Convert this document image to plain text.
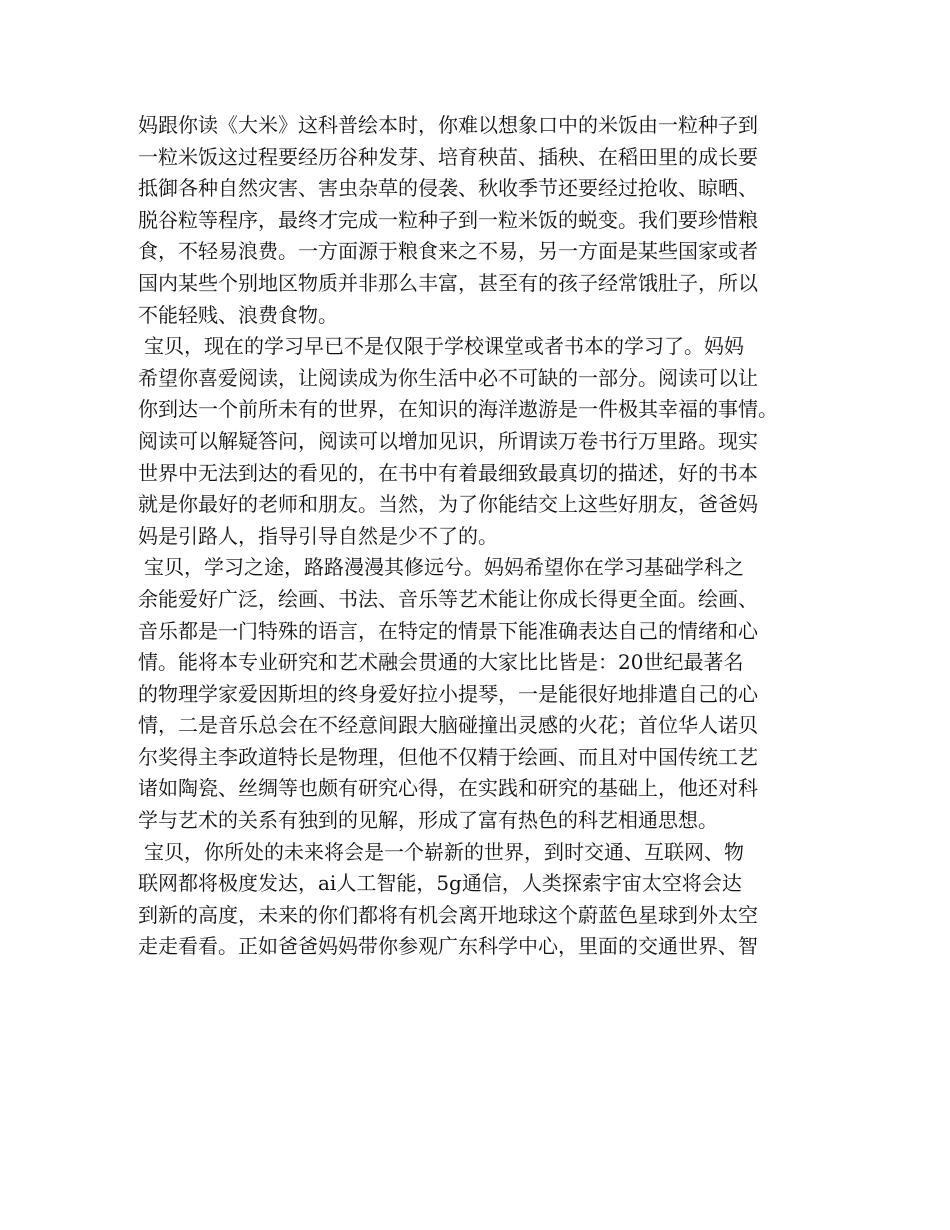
妈跟你读《大米》这科普绘本时，你难以想象口中的米饭由一粒种子到
一粒米饭这过程要经历谷种发芽、培育秧苗、插秧、在稻田里的成长要
抵御各种自然灾害、害虫杂草的侵袭、秋收季节还要经过抢收、晾晒、
脱谷粒等程序，最终才完成一粒种子到一粒米饭的蜕变。我们要珍惜粮
食，不轻易浪费。一方面源于粮食来之不易，另一方面是某些国家或者
国内某些个别地区物质并非那么丰富，甚至有的孩子经常饿肚子，所以
不能轻贱、浪费食物。
宝贝，现在的学习早已不是仅限于学校课堂或者书本的学习了。妈妈
希望你喜爱阅读，让阅读成为你生活中必不可缺的一部分。阅读可以让
你到达一个前所未有的世界，在知识的海洋遨游是一件极其幸福的事情。
阅读可以解疑答问，阅读可以增加见识，所谓读万卷书行万里路。现实
世界中无法到达的看见的，在书中有着最细致最真切的描述，好的书本
就是你最好的老师和朋友。当然，为了你能结交上这些好朋友，爸爸妈
妈是引路人，指导引导自然是少不了的。
宝贝，学习之途，路路漫漫其修远兮。妈妈希望你在学习基础学科之
余能爱好广泛，绘画、书法、音乐等艺术能让你成长得更全面。绘画、
音乐都是一门特殊的语言，在特定的情景下能准确表达自己的情绪和心
情。能将本专业研究和艺术融会贯通的大家比比皆是：20世纪最著名
的物理学家爱因斯坦的终身爱好拉小提琴，一是能很好地排遣自己的心
情，二是音乐总会在不经意间跟大脑碰撞出灵感的火花；首位华人诺贝
尔奖得主李政道特长是物理，但他不仅精于绘画、而且对中国传统工艺
诸如陶瓷、丝绸等也颇有研究心得，在实践和研究的基础上，他还对科
学与艺术的关系有独到的见解，形成了富有热色的科艺相通思想。
宝贝，你所处的未来将会是一个崭新的世界，到时交通、互联网、物
联网都将极度发达，ai人工智能，5g通信，人类探索宇宙太空将会达
到新的高度，未来的你们都将有机会离开地球这个蔚蓝色星球到外太空
走走看看。正如爸爸妈妈带你参观广东科学中心，里面的交通世界、智
